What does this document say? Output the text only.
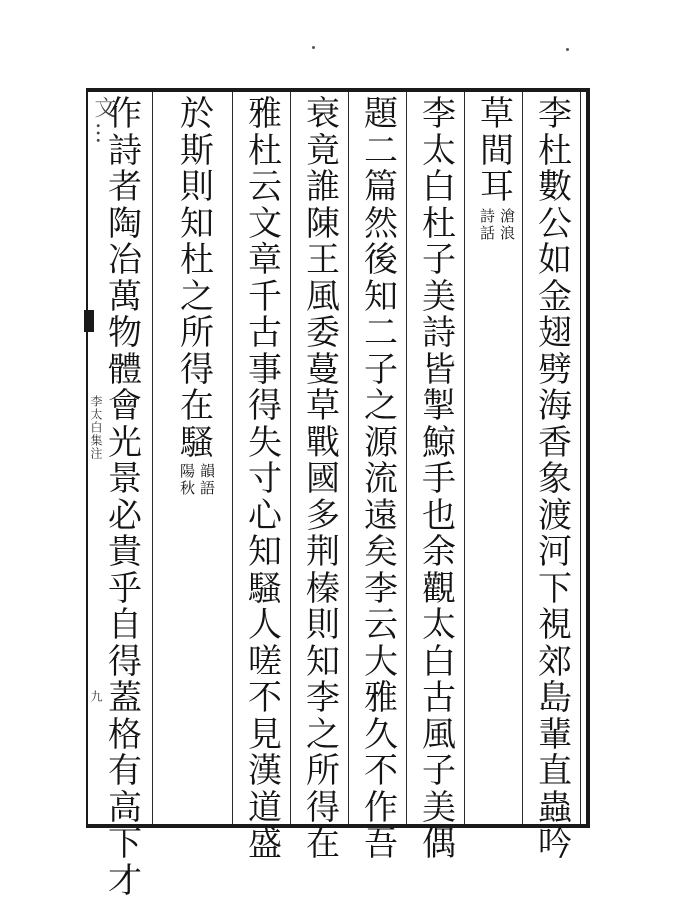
文…
李太白集注
九
李
杜
數
公
如
金
翅
劈
海
香
象
渡
河
下
視
郊
島
輩
直
蟲
吟
草
間
耳
滄浪
詩話
李
太
白
杜
子
美
詩
皆
掣
鯨
手
也
余
觀
太
白
古
風
子
美
偶
題
二
篇
然
後
知
二
子
之
源
流
遠
矣
李
云
大
雅
久
不
作
吾
衰
竟
誰
陳
王
風
委
蔓
草
戰
國
多
荆
榛
則
知
李
之
所
得
在
雅
杜
云
文
章
千
古
事
得
失
寸
心
知
騷
人
嗟
不
見
漢
道
盛
於
斯
則
知
杜
之
所
得
在
騷
韻語
陽秋
作
詩
者
陶
冶
萬
物
體
會
光
景
必
貴
乎
自
得
蓋
格
有
高
下
才
